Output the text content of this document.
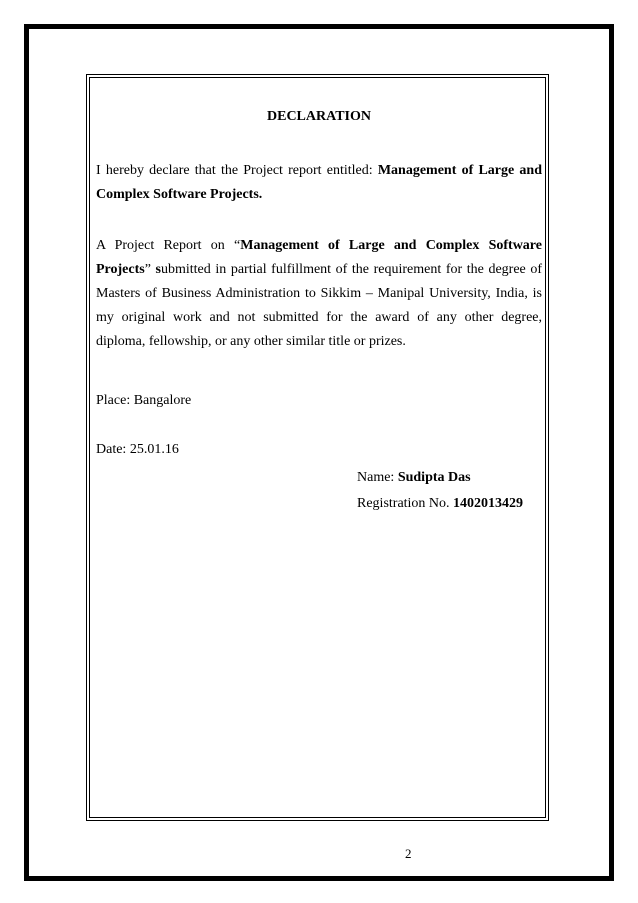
DECLARATION
I hereby declare that the Project report entitled: Management of Large and Complex Software Projects.
A Project Report on “Management of Large and Complex Software Projects” submitted in partial fulfillment of the requirement for the degree of Masters of Business Administration to Sikkim – Manipal University, India, is my original work and not submitted for the award of any other degree, diploma, fellowship, or any other similar title or prizes.
Place: Bangalore
Date: 25.01.16
Name: Sudipta Das
Registration No. 1402013429
2
